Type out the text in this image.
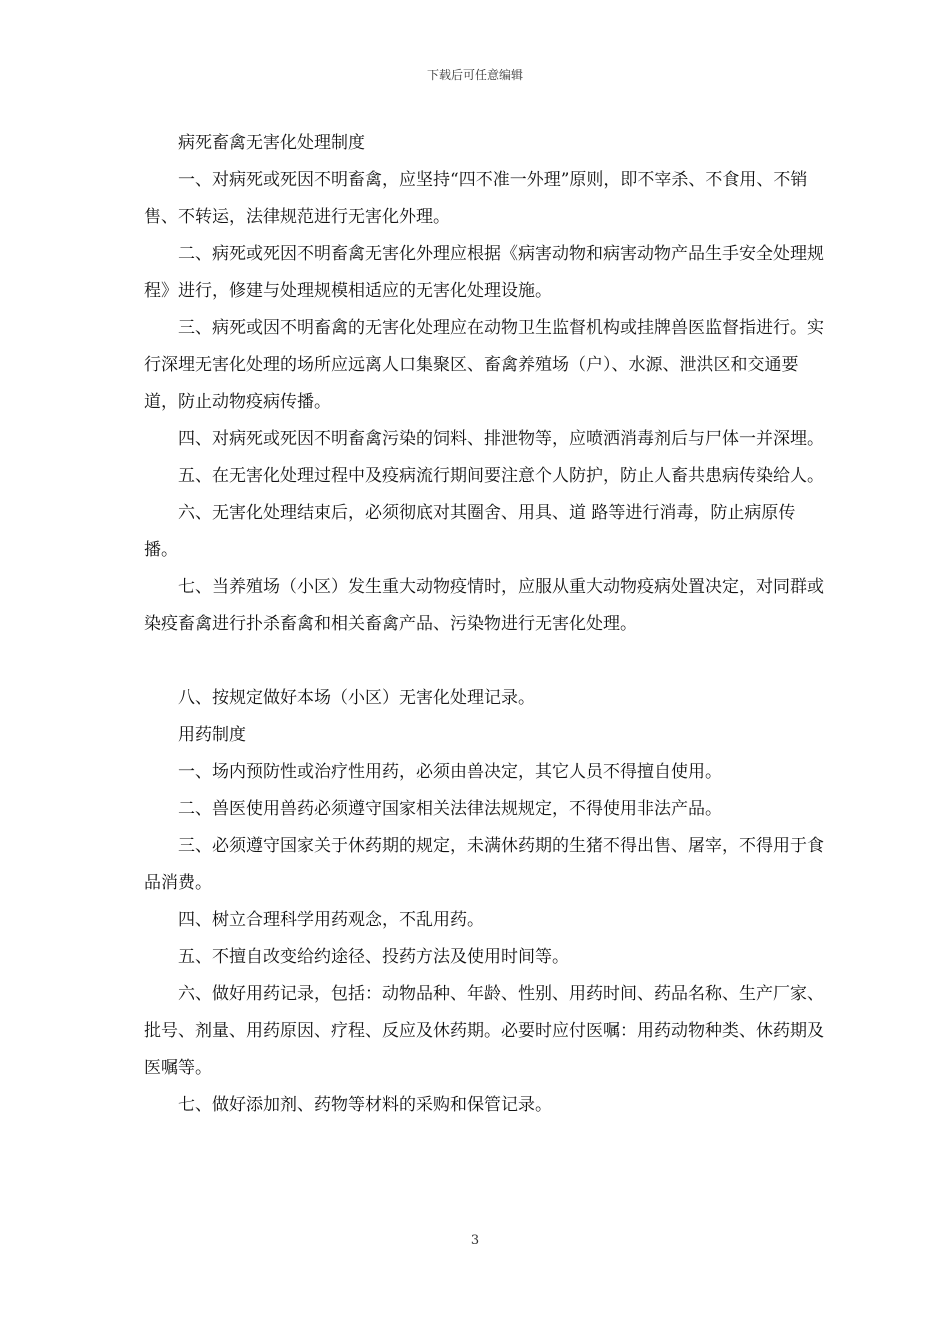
下载后可任意编辑

病死畜禽无害化处理制度

一、对病死或死因不明畜禽，应坚持“四不准一外理”原则，即不宰杀、不食用、不销售、不转运，法律规范进行无害化外理。

二、病死或死因不明畜禽无害化外理应根据《病害动物和病害动物产品生手安全处理规程》进行，修建与处理规模相适应的无害化处理设施。

三、病死或因不明畜禽的无害化处理应在动物卫生监督机构或挂牌兽医监督指进行。实行深埋无害化处理的场所应远离人口集聚区、畜禽养殖场（户）、水源、泄洪区和交通要道，防止动物疫病传播。

四、对病死或死因不明畜禽污染的饲料、排泄物等，应喷洒消毒剂后与尸体一并深埋。

五、在无害化处理过程中及疫病流行期间要注意个人防护，防止人畜共患病传染给人。

六、无害化处理结束后，必须彻底对其圈舍、用具、道 路等进行消毒，防止病原传播。

七、当养殖场（小区）发生重大动物疫情时，应服从重大动物疫病处置决定，对同群或染疫畜禽进行扑杀畜禽和相关畜禽产品、污染物进行无害化处理。

八、按规定做好本场（小区）无害化处理记录。

用药制度

一、场内预防性或治疗性用药，必须由兽决定，其它人员不得擅自使用。

二、兽医使用兽药必须遵守国家相关法律法规规定，不得使用非法产品。

三、必须遵守国家关于休药期的规定，未满休药期的生猪不得出售、屠宰，不得用于食品消费。

四、树立合理科学用药观念，不乱用药。

五、不擅自改变给约途径、投药方法及使用时间等。

六、做好用药记录，包括：动物品种、年龄、性别、用药时间、药品名称、生产厂家、批号、剂量、用药原因、疗程、反应及休药期。必要时应付医嘱：用药动物种类、休药期及医嘱等。

七、做好添加剂、药物等材料的采购和保管记录。

3
